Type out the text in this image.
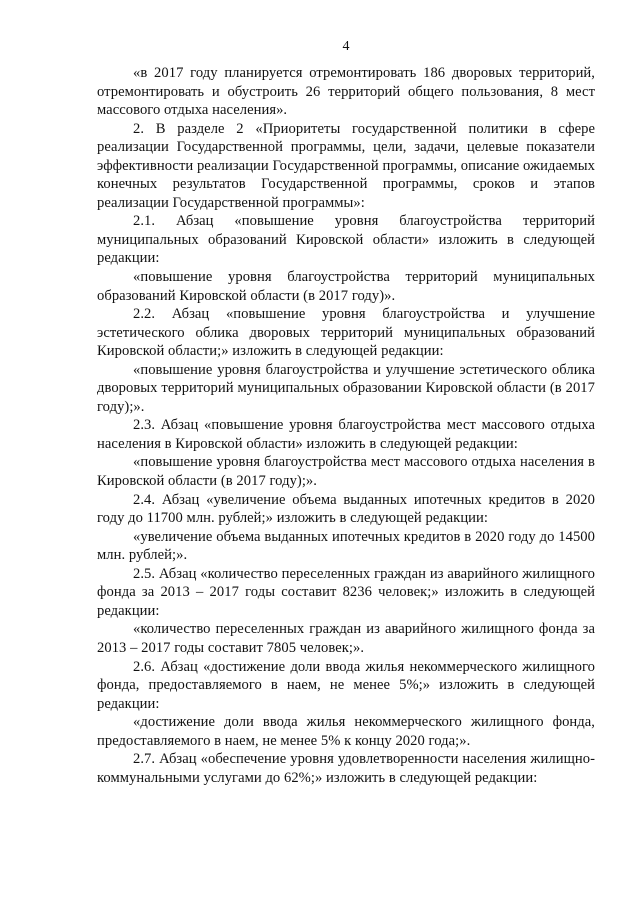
4

«в 2017 году планируется отремонтировать 186 дворовых территорий, отремонтировать и обустроить 26 территорий общего пользования, 8 мест массового отдыха населения».

2. В разделе 2 «Приоритеты государственной политики в сфере реализации Государственной программы, цели, задачи, целевые показатели эффективности реализации Государственной программы, описание ожидаемых конечных результатов Государственной программы, сроков и этапов реализации Государственной программы»:

2.1. Абзац «повышение уровня благоустройства территорий муниципальных образований Кировской области» изложить в следующей редакции:

«повышение уровня благоустройства территорий муниципальных образований Кировской области (в 2017 году)».

2.2. Абзац «повышение уровня благоустройства и улучшение эстетического облика дворовых территорий муниципальных образований Кировской области;» изложить в следующей редакции:

«повышение уровня благоустройства и улучшение эстетического облика дворовых территорий муниципальных образовании Кировской области (в 2017 году);».

2.3. Абзац «повышение уровня благоустройства мест массового отдыха населения в Кировской области» изложить в следующей редакции:

«повышение уровня благоустройства мест массового отдыха населения в Кировской области (в 2017 году);».

2.4. Абзац «увеличение объема выданных ипотечных кредитов в 2020 году до 11700 млн. рублей;» изложить в следующей редакции:

«увеличение объема выданных ипотечных кредитов в 2020 году до 14500 млн. рублей;».

2.5. Абзац «количество переселенных граждан из аварийного жилищного фонда за 2013 – 2017 годы составит 8236 человек;» изложить в следующей редакции:

«количество переселенных граждан из аварийного жилищного фонда за 2013 – 2017 годы составит 7805 человек;».

2.6. Абзац «достижение доли ввода жилья некоммерческого жилищного фонда, предоставляемого в наем, не менее 5%;» изложить в следующей редакции:

«достижение доли ввода жилья некоммерческого жилищного фонда, предоставляемого в наем, не менее 5% к концу 2020 года;».

2.7. Абзац «обеспечение уровня удовлетворенности населения жилищно-коммунальными услугами до 62%;» изложить в следующей редакции:
